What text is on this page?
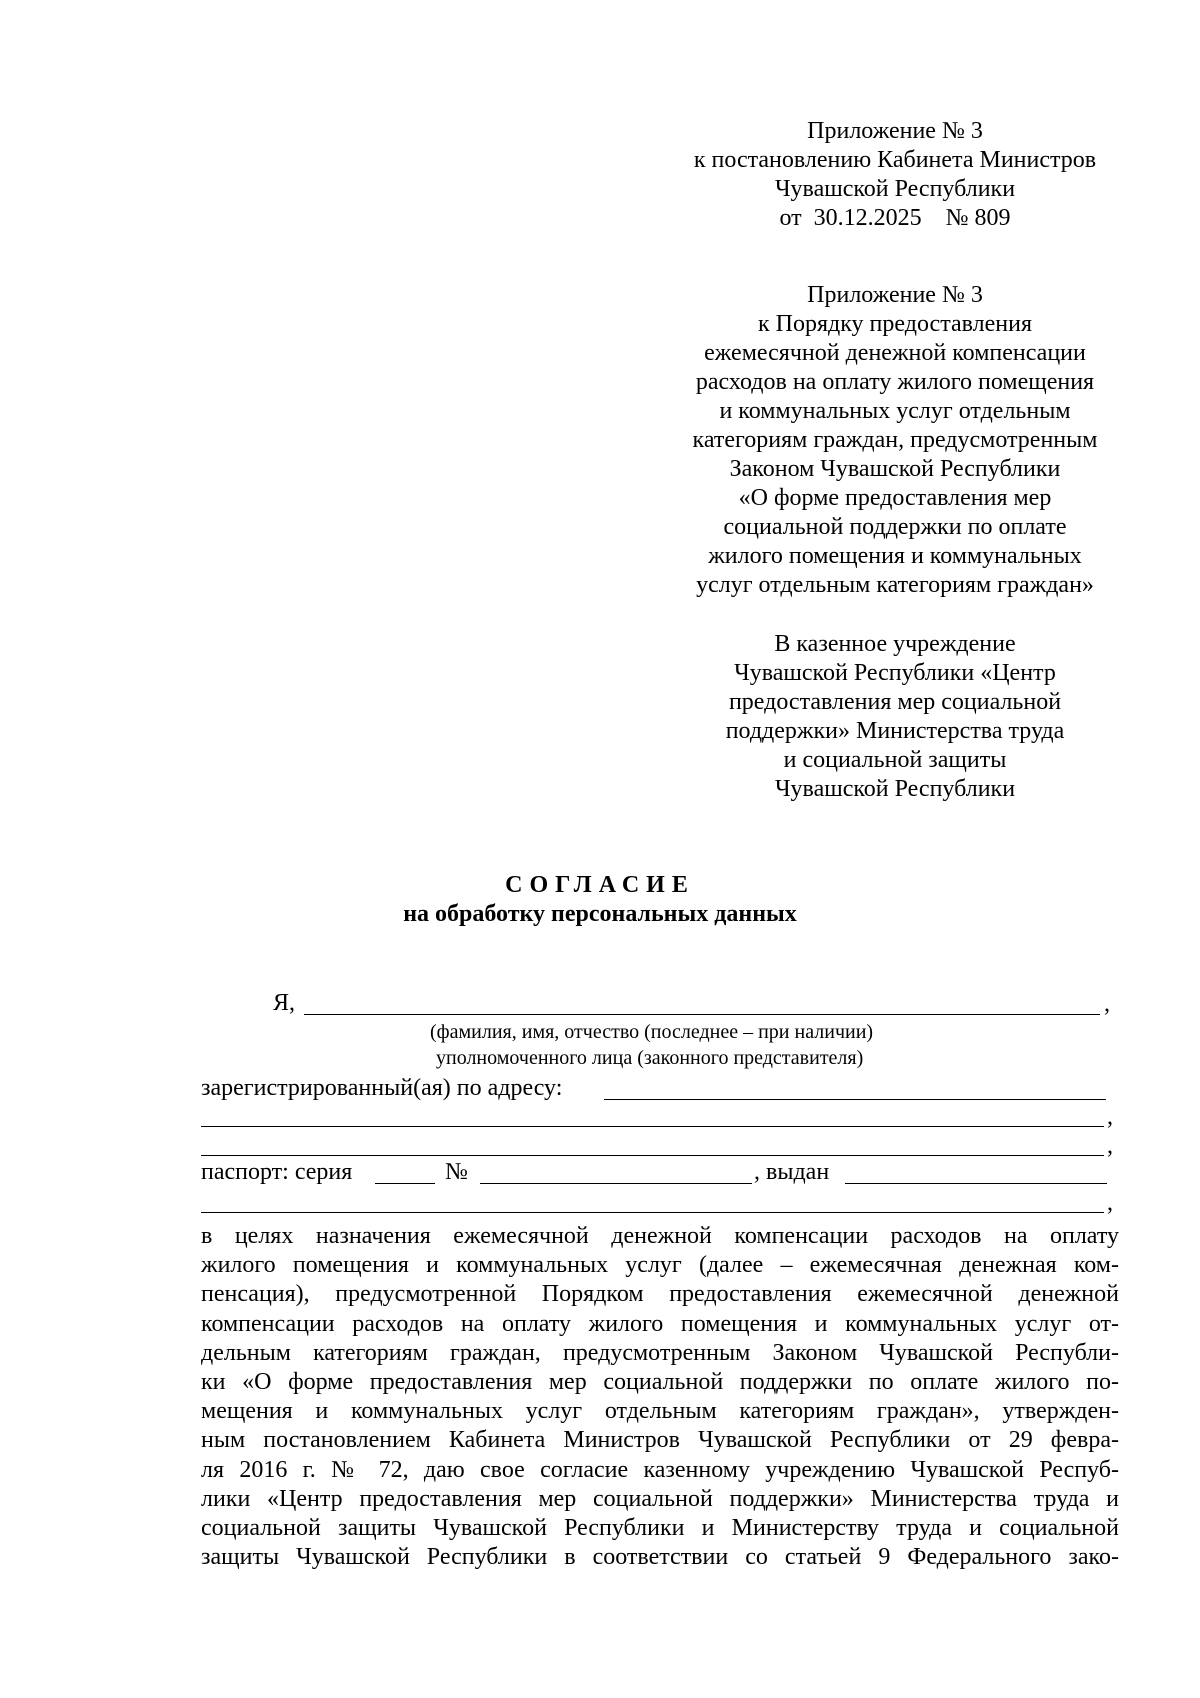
Приложение № 3
к постановлению Кабинета Министров
Чувашской Республики
от  30.12.2025    № 809
Приложение № 3
к Порядку предоставления
ежемесячной денежной компенсации
расходов на оплату жилого помещения
и коммунальных услуг отдельным
категориям граждан, предусмотренным
Законом Чувашской Республики
«О форме предоставления мер
социальной поддержки по оплате
жилого помещения и коммунальных
услуг отдельным категориям граждан»
В казенное учреждение
Чувашской Республики «Центр
предоставления мер социальной
поддержки» Министерства труда
и социальной защиты
Чувашской Республики
СОГЛАСИЕ
на обработку персональных данных
Я,	,
(фамилия, имя, отчество (последнее – при наличии)
уполномоченного лица (законного представителя)
зарегистрированный(ая) по адресу:
,
,
паспорт: серия	№	, выдан
,
в целях назначения ежемесячной денежной компенсации расходов на оплату
жилого помещения и коммунальных услуг (далее – ежемесячная денежная ком-
пенсация), предусмотренной Порядком предоставления ежемесячной денежной
компенсации расходов на оплату жилого помещения и коммунальных услуг от-
дельным категориям граждан, предусмотренным Законом Чувашской Республи-
ки «О форме предоставления мер социальной поддержки по оплате жилого по-
мещения и коммунальных услуг отдельным категориям граждан», утвержден-
ным постановлением Кабинета Министров Чувашской Республики от 29 февра-
ля 2016 г. № 72, даю свое согласие казенному учреждению Чувашской Респуб-
лики «Центр предоставления мер социальной поддержки» Министерства труда и
социальной защиты Чувашской Республики и Министерству труда и социальной
защиты Чувашской Республики в соответствии со статьей 9 Федерального зако-
